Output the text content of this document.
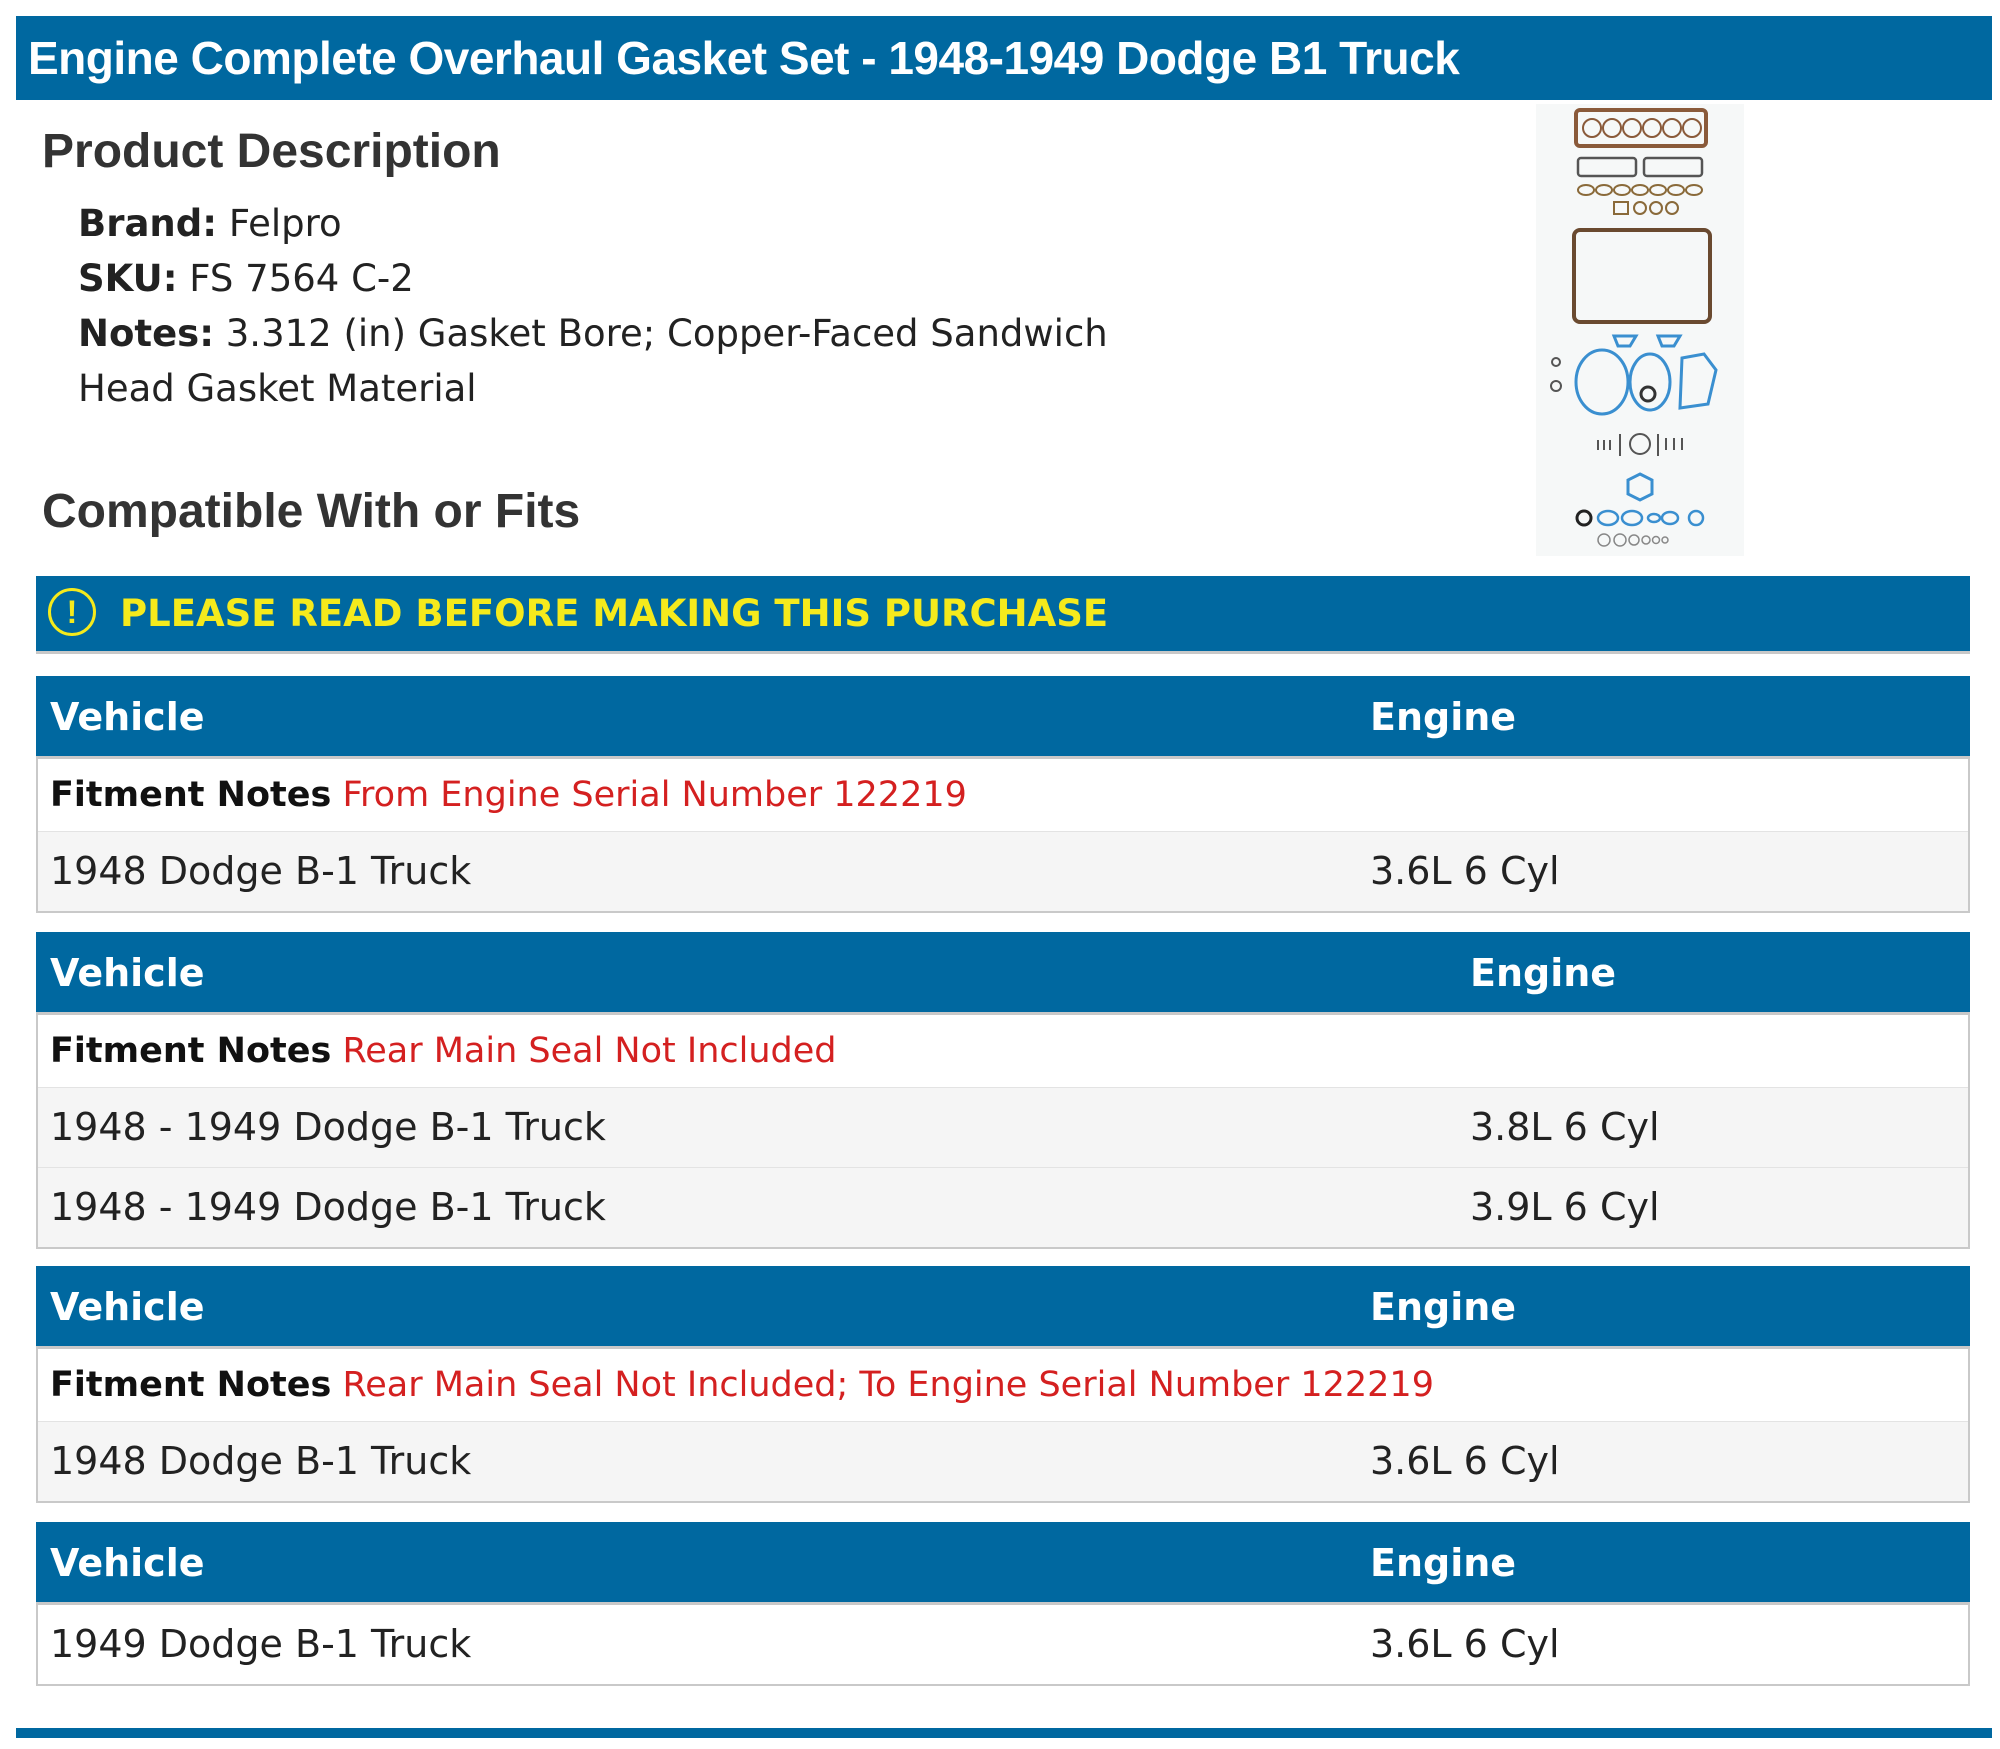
Engine Complete Overhaul Gasket Set - 1948-1949 Dodge B1 Truck
Product Description
Brand: Felpro
SKU: FS 7564 C-2
Notes: 3.312 (in) Gasket Bore; Copper-Faced Sandwich Head Gasket Material
Compatible With or Fits
!	PLEASE READ BEFORE MAKING THIS PURCHASE
Vehicle	Engine
Fitment Notes From Engine Serial Number 122219
1948 Dodge B-1 Truck	3.6L 6 Cyl
Vehicle	Engine
Fitment Notes Rear Main Seal Not Included
1948 - 1949 Dodge B-1 Truck	3.8L 6 Cyl
1948 - 1949 Dodge B-1 Truck	3.9L 6 Cyl
Vehicle	Engine
Fitment Notes Rear Main Seal Not Included; To Engine Serial Number 122219
1948 Dodge B-1 Truck	3.6L 6 Cyl
Vehicle	Engine
1949 Dodge B-1 Truck	3.6L 6 Cyl
